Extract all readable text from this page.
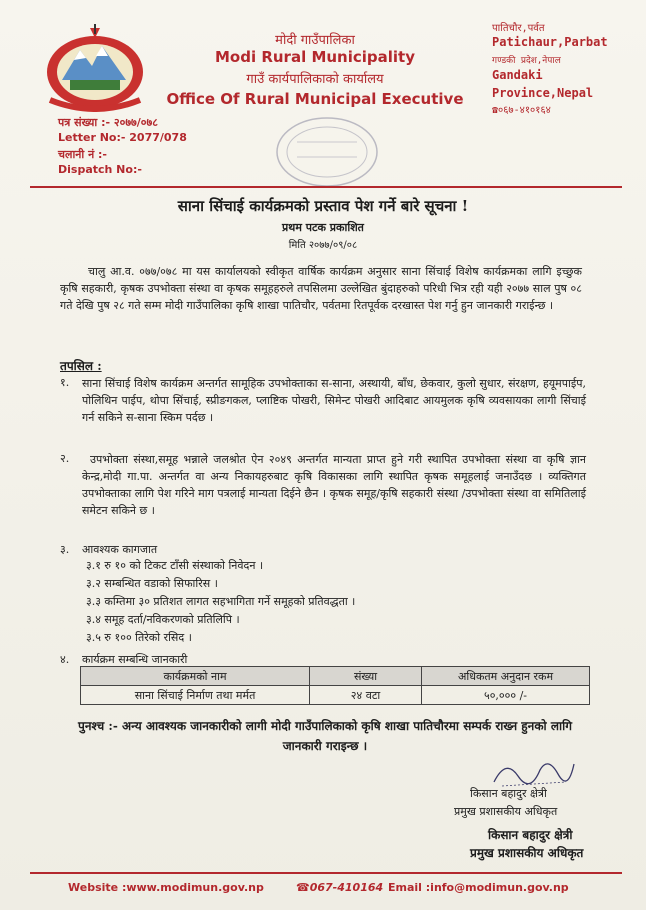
मोदी गाउँपालिका
Modi Rural Municipality
गाउँ कार्यपालिकाको कार्यालय
Office Of Rural Municipal Executive
पातिचौर,पर्वत
Patichaur,Parbat
गण्डकी प्रदेश,नेपाल
Gandaki
Province,Nepal
☎०६७-४१०१६४
पत्र संख्या :- २०७७/०७८
Letter No:- 2077/078
चलानी नं :-
Dispatch No:-
साना सिंचाई कार्यक्रमको प्रस्ताव पेश गर्ने बारे सूचना !
प्रथम पटक प्रकाशित
मिति २०७७/०९/०८
चालु आ.व. ०७७/०७८ मा यस कार्यालयको स्वीकृत वार्षिक कार्यक्रम अनुसार साना सिंचाई विशेष कार्यक्रमका लागि इच्छुक कृषि सहकारी, कृषक उपभोक्ता संस्था वा कृषक समूहहरुले तपसिलमा उल्लेखित बुंदाहरुको परिधी भित्र रही यही २०७७ साल पुष ०८ गते देखि पुष २८ गते सम्म मोदी गाउँपालिका कृषि शाखा पातिचौर, पर्वतमा रितपूर्वक दरखास्त पेश गर्नु हुन जानकारी गराईन्छ ।
तपसिल :
१. साना सिंचाई विशेष कार्यक्रम अन्तर्गत सामूहिक उपभोक्ताका स-साना, अस्थायी, बाँध, छेकवार, कुलो सुधार, संरक्षण, हयूमपाईप, पोलिथिन पाईप, थोपा सिंचाई, स्प्रीङगकल, प्लाष्टिक पोखरी, सिमेन्ट पोखरी आदिबाट आयमुलक कृषि व्यवसायका लागी सिंचाई गर्न सकिने स-साना स्किम पर्दछ ।
२.	उपभोक्ता संस्था,समूह भन्नाले जलश्रोत ऐन २०४९ अन्तर्गत मान्यता प्राप्त हुने गरी स्थापित उपभोक्ता संस्था वा कृषि ज्ञान केन्द्र,मोदी गा.पा. अन्तर्गत वा अन्य निकायहरुबाट कृषि विकासका लागि स्थापित कृषक समूहलाई जनाउँदछ । व्यक्तिगत उपभोक्ताका लागि पेश गरिने माग पत्रलाई मान्यता दिईने छैन । कृषक समूह/कृषि सहकारी संस्था /उपभोक्ता संस्था वा समितिलाई समेटन सकिने छ ।
३. आवश्यक कागजात
३.१ रु १० को टिकट टाँसी संस्थाको निवेदन ।
३.२ सम्बन्धित वडाको सिफारिस ।
३.३ कम्तिमा ३० प्रतिशत लागत सहभागिता गर्ने समूहको प्रतिवद्धता ।
३.४ समूह दर्ता/नविकरणको प्रतिलिपि ।
३.५ रु १०० तिरेको रसिद ।
४. कार्यक्रम सम्बन्धि जानकारी
कार्यक्रमको नाम	संख्या	अधिकतम अनुदान रकम
साना सिंचाई निर्माण तथा मर्मत	२४ वटा	५०,००० /-
पुनश्च :- अन्य आवश्यक जानकारीको लागी मोदी गाउँपालिकाको कृषि शाखा पातिचौरमा सम्पर्क राख्न हुनको लागि जानकारी गराइन्छ ।
किसान बहादुर क्षेत्री
प्रमुख प्रशासकीय अधिकृत
किसान बहादुर क्षेत्री
प्रमुख प्रशासकीय अधिकृत
Website :www.modimun.gov.np	☎067-410164 Email :info@modimun.gov.np
